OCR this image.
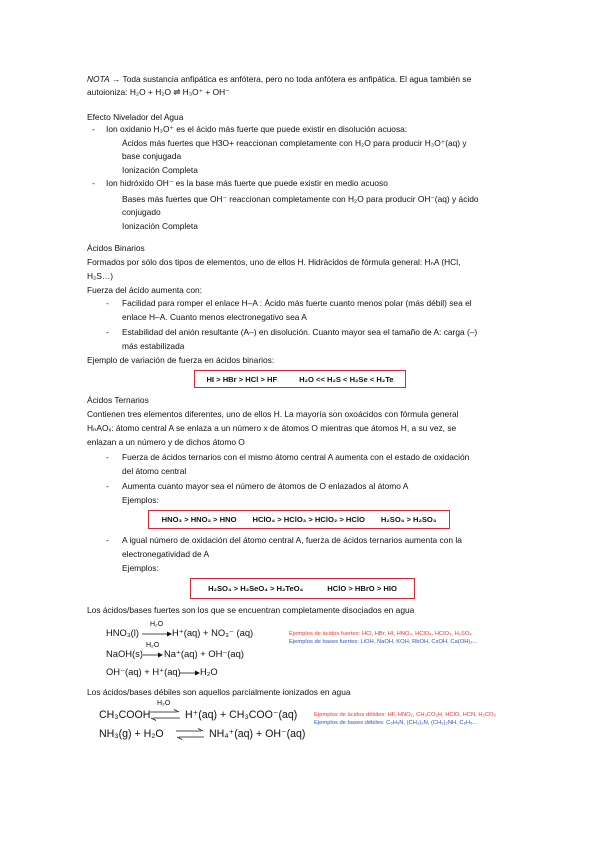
NOTA → Toda sustancia anfipática es anfótera, pero no toda anfótera es anfipática. El agua también se
autoioniza: H₂O + H₂O ⇌ H₃O⁺ + OH⁻
Efecto Nivelador del Agua
- Ion oxidanio H₃O⁺ es el ácido más fuerte que puede existir en disolución acuosa:
Ácidos más fuertes que H3O+ reaccionan completamente con H₂O para producir H₃O⁺(aq) y
base conjugada
Ionización Completa
- Ion hidróxido OH⁻ es la base más fuerte que puede existir en medio acuoso
Bases más fuertes que OH⁻ reaccionan completamente con H₂O para producir OH⁻(aq) y ácido
conjugado
Ionización Completa
Ácidos Binarios
Formados por sólo dos tipos de elementos, uno de ellos H. Hidrácidos de fórmula general: HₙA (HCl,
H₂S…)
Fuerza del ácido aumenta con:
- Facilidad para romper el enlace H–A : Ácido más fuerte cuanto menos polar (más débil) sea el
enlace H–A. Cuanto menos electronegativo sea A
- Estabilidad del anión resultante (A–) en disolución. Cuanto mayor sea el tamaño de A: carga (–)
más estabilizada
Ejemplo de variación de fuerza en ácidos binarios:
HI > HBr > HCl > HF	H₂O << H₂S < H₂Se < H₂Te
Ácidos Ternarios
Contienen tres elementos diferentes, uno de ellos H. La mayoría son oxoácidos con fórmula general
HₙAOₓ: átomo central A se enlaza a un número x de átomos O mientras que átomos H, a su vez, se
enlazan a un número y de dichos átomo O
- Fuerza de ácidos ternarios con el mismo átomo central A aumenta con el estado de oxidación
del átomo central
- Aumenta cuanto mayor sea el número de átomos de O enlazados al átomo A
Ejemplos:
HNO₃ > HNO₂ > HNO HClO₄ > HClO₃ > HClO₂ > HClO H₂SO₄ > H₂SO₃
- A igual número de oxidación del átomo central A, fuerza de ácidos ternarios aumenta con la
electronegatividad de A
Ejemplos:
H₂SO₄ > H₂SeO₄ > H₂TeO₄	HClO > HBrO > HIO
Los ácidos/bases fuertes son los que se encuentran completamente disociados en agua
HNO₃(l)
H₂O
→ H⁺(aq) + NO₃⁻ (aq)
NaOH(s)
H₂O
→ Na⁺(aq) + OH⁻(aq)
OH⁻(aq) + H⁺(aq) → H₂O
Ejemplos de ácidos fuertes: HCl, HBr, HI, HNO₃, HClO₄, HClO₃, H₂SO₄
Ejemplos de bases fuertes: LiOH, NaOH, KOH, RbOH, CsOH, Ca(OH)₂...
Los ácidos/bases débiles son aquellos parcialmente ionizados en agua
CH₃COOH
H₂O
⇌ H⁺(aq) + CH₃COO⁻(aq)
NH₃(g) + H₂O ⇌ NH₄⁺(aq) + OH⁻(aq)
Ejemplos de ácidos débiles: HF, HNO₂, CH₃CO₂H, HClO, HCN, H₂CO₃
Ejemplos de bases débiles: C₅H₅N, (CH₃)₃N, (CH₃)₂NH, C₆H₅...
